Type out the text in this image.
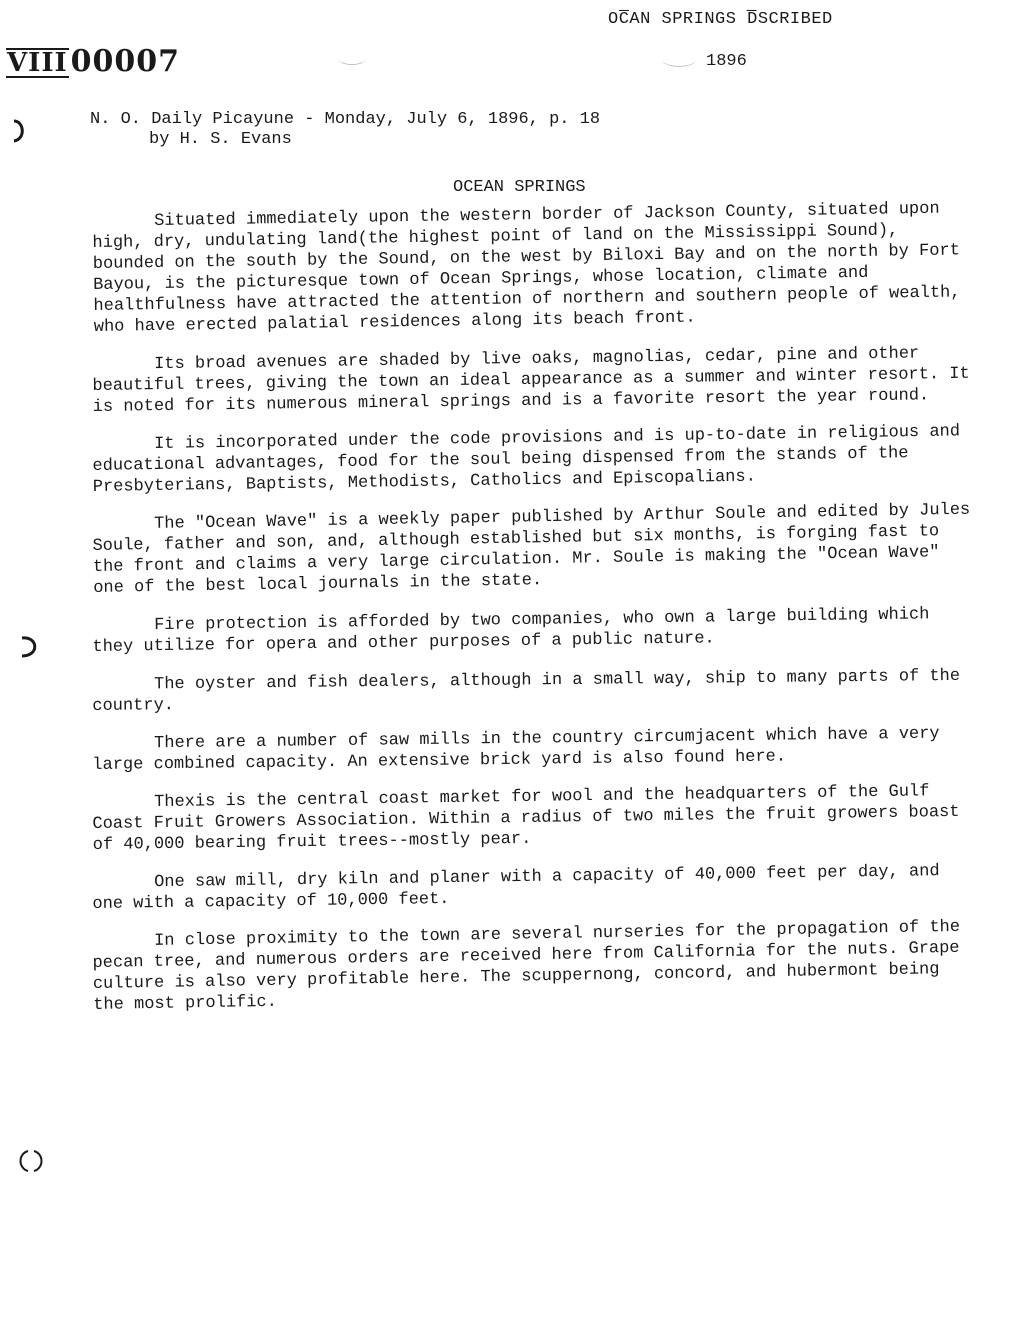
VIII 00007
OC̅AN SPRINGS D̅SCRIBED
1896
N. O. Daily Picayune - Monday, July 6, 1896, p. 18
by H. S. Evans
OCEAN SPRINGS

Situated immediately upon the western border of Jackson County, situated upon high, dry, undulating land(the highest point of land on the Mississippi Sound), bounded on the south by the Sound, on the west by Biloxi Bay and on the north by Fort Bayou, is the picturesque town of Ocean Springs, whose location, climate and healthfulness have attracted the attention of northern and southern people of wealth, who have erected palatial residences along its beach front.

Its broad avenues are shaded by live oaks, magnolias, cedar, pine and other beautiful trees, giving the town an ideal appearance as a summer and winter resort. It is noted for its numerous mineral springs and is a favorite resort the year round.

It is incorporated under the code provisions and is up-to-date in religious and educational advantages, food for the soul being dispensed from the stands of the Presbyterians, Baptists, Methodists, Catholics and Episcopalians.

The "Ocean Wave" is a weekly paper published by Arthur Soule and edited by Jules Soule, father and son, and, although established but six months, is forging fast to the front and claims a very large circulation. Mr. Soule is making the "Ocean Wave" one of the best local journals in the state.

Fire protection is afforded by two companies, who own a large building which they utilize for opera and other purposes of a public nature.

The oyster and fish dealers, although in a small way, ship to many parts of the country.

There are a number of saw mills in the country circumjacent which have a very large combined capacity. An extensive brick yard is also found here.

Thexis is the central coast market for wool and the headquarters of the Gulf Coast Fruit Growers Association. Within a radius of two miles the fruit growers boast of 40,000 bearing fruit trees--mostly pear.

One saw mill, dry kiln and planer with a capacity of 40,000 feet per day, and one with a capacity of 10,000 feet.

In close proximity to the town are several nurseries for the propagation of the pecan tree, and numerous orders are received here from California for the nuts. Grape culture is also very profitable here. The scuppernong, concord, and hubermont being the most prolific.
